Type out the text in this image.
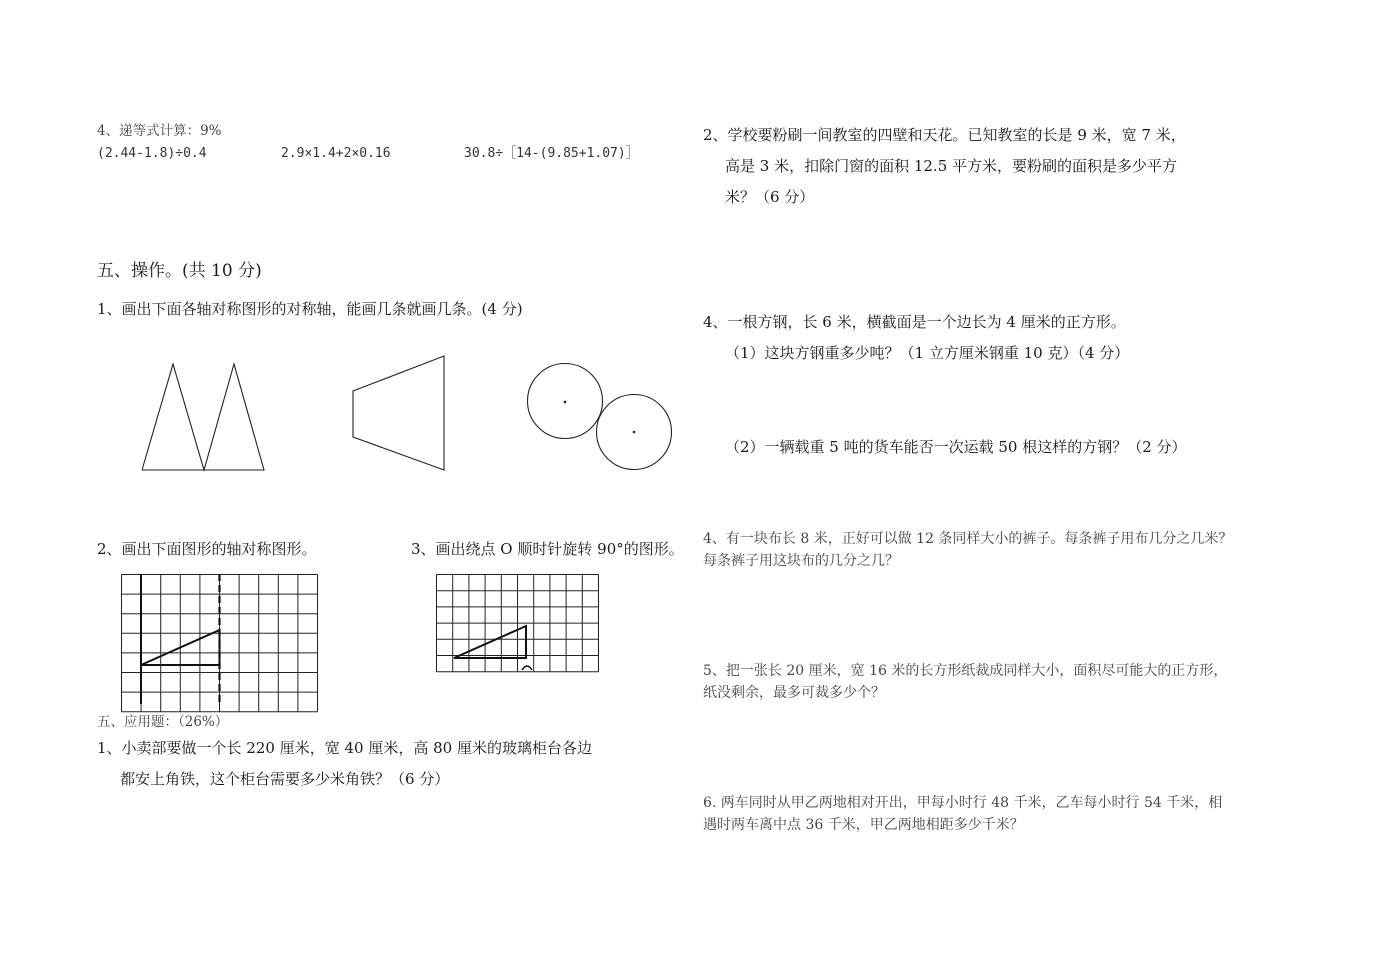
4、递等式计算：9%
(2.44-1.8)÷0.4	2.9×1.4+2×0.16	30.8÷［14-(9.85+1.07)］
五、操作。(共 10 分)
1、画出下面各轴对称图形的对称轴，能画几条就画几条。(4 分)
2、画出下面图形的轴对称图形。	3、画出绕点 O 顺时针旋转 90°的图形。
五、应用题：（26%）
1、小卖部要做一个长 220 厘米，宽 40 厘米，高 80 厘米的玻璃柜台各边
都安上角铁，这个柜台需要多少米角铁？（6 分）
2、学校要粉刷一间教室的四壁和天花。已知教室的长是 9 米，宽 7 米，
高是 3 米，扣除门窗的面积 12.5 平方米，要粉刷的面积是多少平方
米？（6 分）
4、一根方钢，长 6 米，横截面是一个边长为 4 厘米的正方形。
（1）这块方钢重多少吨？（1 立方厘米钢重 10 克）（4 分）
（2）一辆载重 5 吨的货车能否一次运载 50 根这样的方钢？（2 分）
4、有一块布长 8 米，正好可以做 12 条同样大小的裤子。每条裤子用布几分之几米？
每条裤子用这块布的几分之几？
5、把一张长 20 厘米，宽 16 米的长方形纸裁成同样大小，面积尽可能大的正方形，
纸没剩余，最多可裁多少个？
6. 两车同时从甲乙两地相对开出，甲每小时行 48 千米，乙车每小时行 54 千米，相
遇时两车离中点 36 千米，甲乙两地相距多少千米？
